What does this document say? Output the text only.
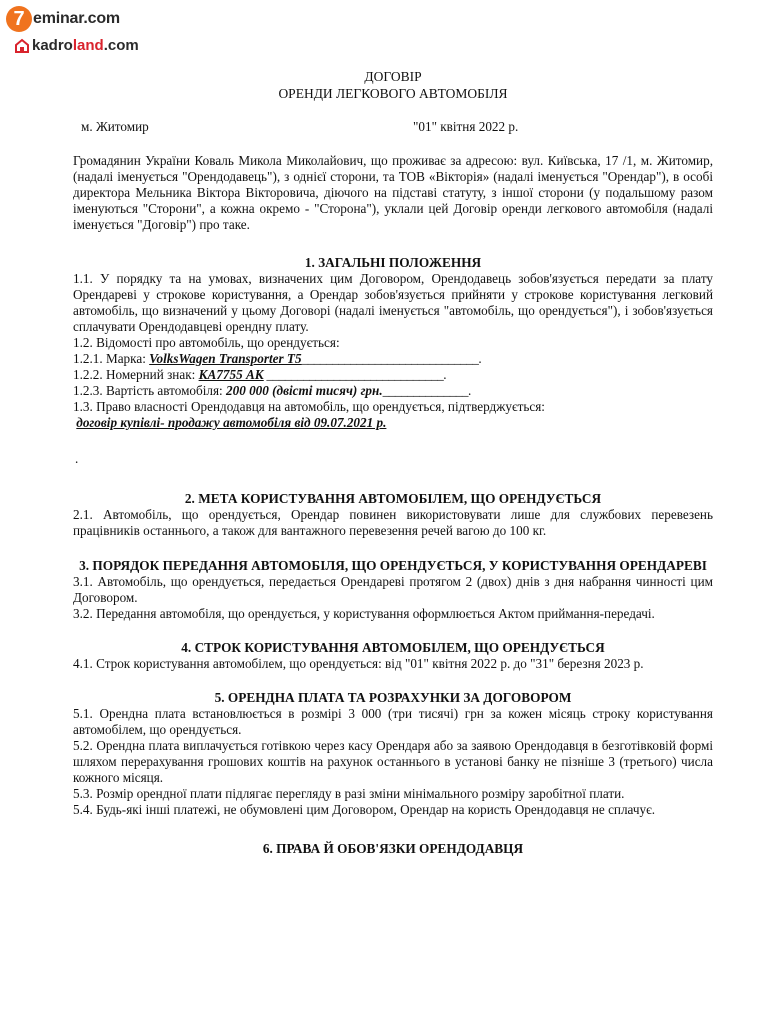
7 eminar.com
kadro land .com
ДОГОВІР
ОРЕНДИ ЛЕГКОВОГО АВТОМОБІЛЯ
м. Житомир	"01" квітня 2022 р.

Громадянин України Коваль Микола Миколайович, що проживає за адресою: вул. Київська, 17 /1, м. Житомир, (надалі іменується "Орендодавець"), з однієї сторони, та ТОВ «Вікторія» (надалі іменується "Орендар"), в особі директора Мельника Віктора Вікторовича, діючого на підставі статуту, з іншої сторони (у подальшому разом іменуються "Сторони", а кожна окремо - "Сторона"), уклали цей Договір оренди легкового автомобіля (надалі іменується "Договір") про таке.

1. ЗАГАЛЬНІ ПОЛОЖЕННЯ

1.1. У порядку та на умовах, визначених цим Договором, Орендодавець зобов'язується передати за плату Орендареві у строкове користування, а Орендар зобов'язується прийняти у строкове користування легковий автомобіль, що визначений у цьому Договорі (надалі іменується "автомобіль, що орендується"), і зобов'язується сплачувати Орендодавцеві орендну плату.

1.2. Відомості про автомобіль, що орендується:

1.2.1. Марка: VolksWagen Transporter T5_____________________________.

1.2.2. Номерний знак: КА7755 АК _____________________________.

1.2.3. Вартість автомобіля: 200 000 (двісті тисяч) грн.______________.

1.3. Право власності Орендодавця на автомобіль, що орендується, підтверджується:

договір купівлі- продажу автомобіля від 09.07.2021 р.

.

2. МЕТА КОРИСТУВАННЯ АВТОМОБІЛЕМ, ЩО ОРЕНДУЄТЬСЯ

2.1. Автомобіль, що орендується, Орендар повинен використовувати лише для службових перевезень працівників останнього, а також для вантажного перевезення речей вагою до 100 кг.

3. ПОРЯДОК ПЕРЕДАННЯ АВТОМОБІЛЯ, ЩО ОРЕНДУЄТЬСЯ, У КОРИСТУВАННЯ ОРЕНДАРЕВІ

3.1. Автомобіль, що орендується, передається Орендареві протягом 2 (двох) днів з дня набрання чинності цим Договором.

3.2. Передання автомобіля, що орендується, у користування оформлюється Актом приймання-передачі.

4. СТРОК КОРИСТУВАННЯ АВТОМОБІЛЕМ, ЩО ОРЕНДУЄТЬСЯ

4.1. Строк користування автомобілем, що орендується: від "01" квітня 2022 р. до "31" березня 2023 р.

5. ОРЕНДНА ПЛАТА ТА РОЗРАХУНКИ ЗА ДОГОВОРОМ

5.1. Орендна плата встановлюється в розмірі 3 000 (три тисячі) грн за кожен місяць строку користування автомобілем, що орендується.

5.2. Орендна плата виплачується готівкою через касу Орендаря або за заявою Орендодавця в безготівковій формі шляхом перерахування грошових коштів на рахунок останнього в установі банку не пізніше 3 (третього) числа кожного місяця.

5.3. Розмір орендної плати підлягає перегляду в разі зміни мінімального розміру заробітної плати.

5.4. Будь-які інші платежі, не обумовлені цим Договором, Орендар на користь Орендодавця не сплачує.

6. ПРАВА Й ОБОВ'ЯЗКИ ОРЕНДОДАВЦЯ
